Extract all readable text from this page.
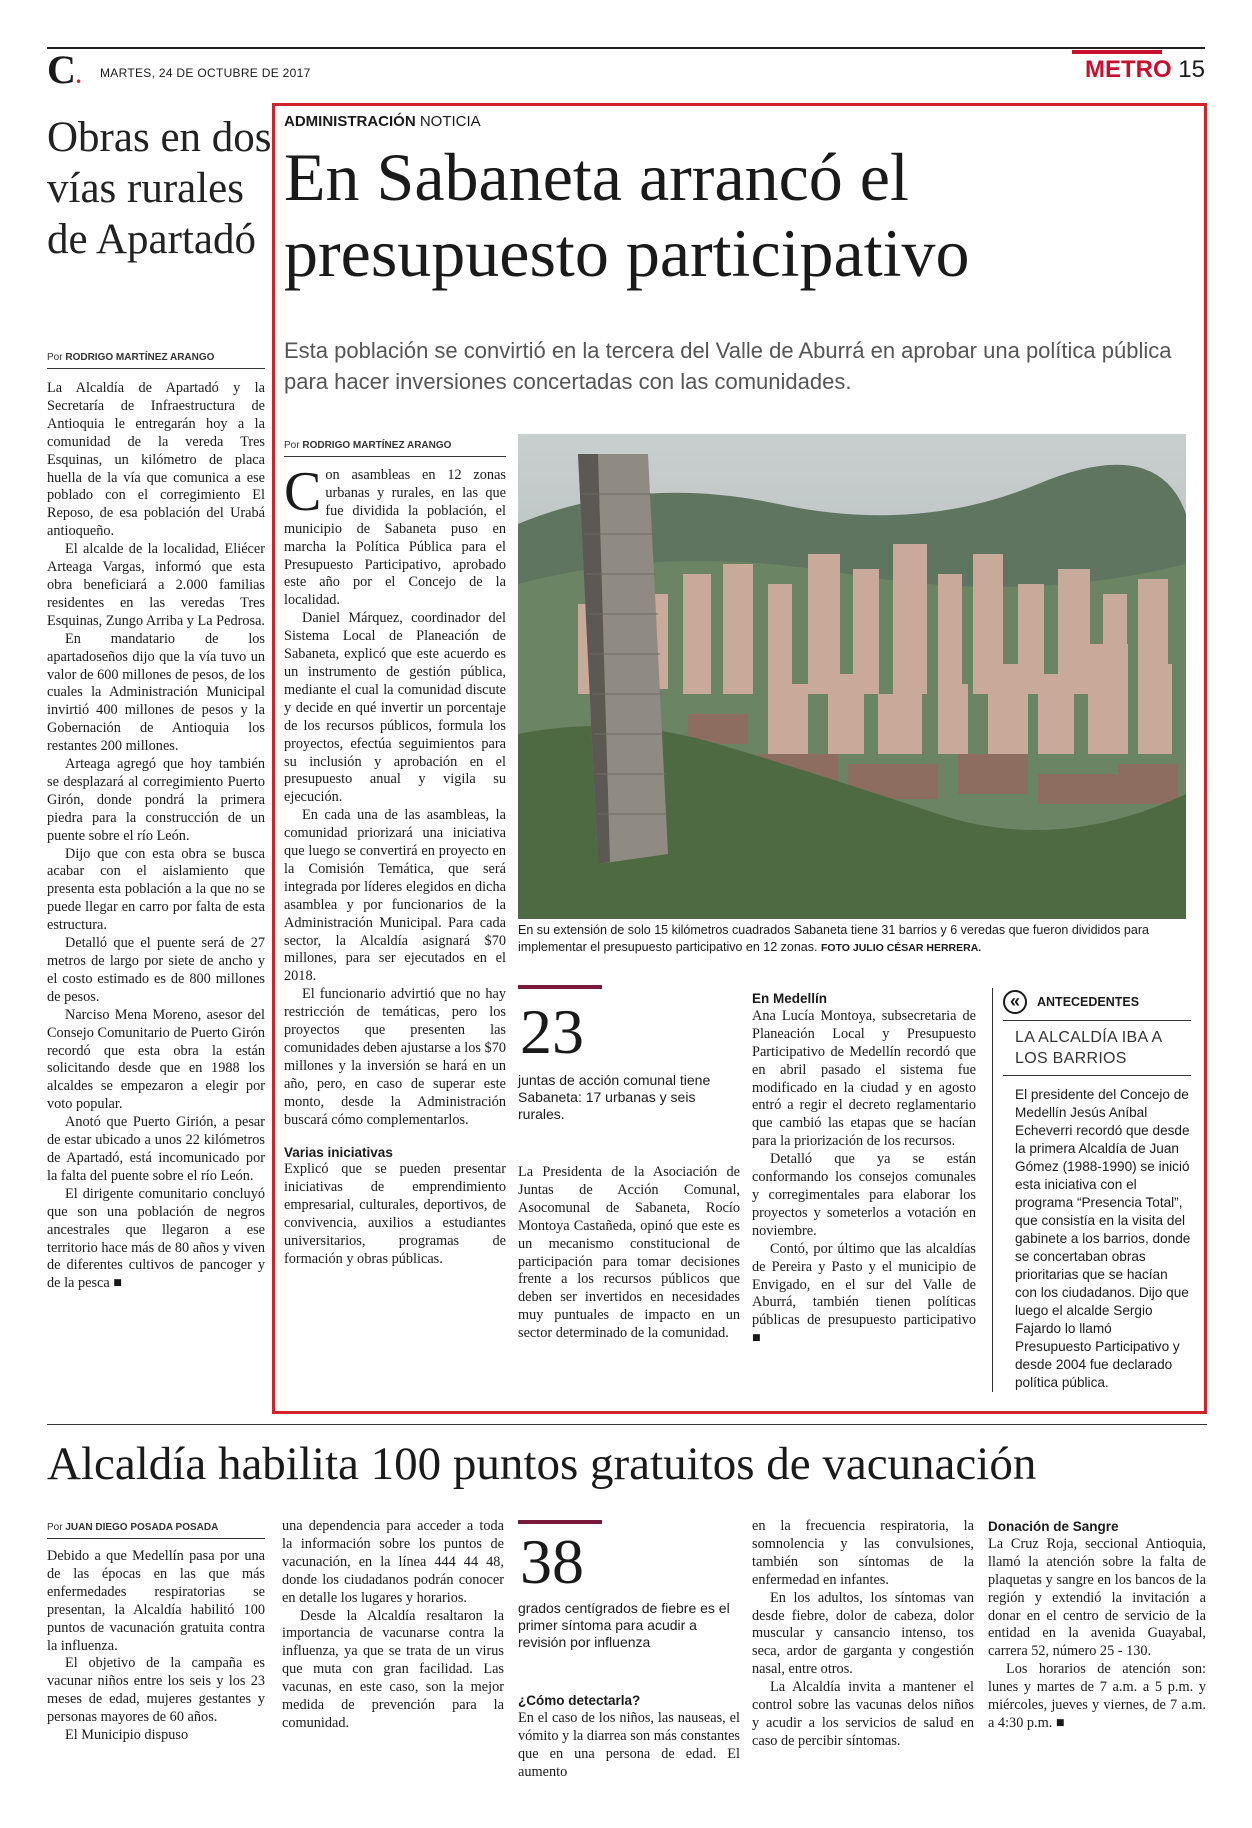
C. MARTES, 24 DE OCTUBRE DE 2017	METRO 15
Obras en dos vías rurales de Apartadó
Por RODRIGO MARTÍNEZ ARANGO

La Alcaldía de Apartadó y la Secretaría de Infraestructura de Antioquia le entregarán hoy a la comunidad de la vereda Tres Esquinas, un kilómetro de placa huella de la vía que comunica a ese poblado con el corregimiento El Reposo, de esa población del Urabá antioqueño.

El alcalde de la localidad, Eliécer Arteaga Vargas, informó que esta obra beneficiará a 2.000 familias residentes en las veredas Tres Esquinas, Zungo Arriba y La Pedrosa.

En mandatario de los apartadoseños dijo que la vía tuvo un valor de 600 millones de pesos, de los cuales la Administración Municipal invirtió 400 millones de pesos y la Gobernación de Antioquia los restantes 200 millones.

Arteaga agregó que hoy también se desplazará al corregimiento Puerto Girón, donde pondrá la primera piedra para la construcción de un puente sobre el río León.

Dijo que con esta obra se busca acabar con el aislamiento que presenta esta población a la que no se puede llegar en carro por falta de esta estructura.

Detalló que el puente será de 27 metros de largo por siete de ancho y el costo estimado es de 800 millones de pesos.

Narciso Mena Moreno, asesor del Consejo Comunitario de Puerto Girón recordó que esta obra la están solicitando desde que en 1988 los alcaldes se empezaron a elegir por voto popular.

Anotó que Puerto Girión, a pesar de estar ubicado a unos 22 kilómetros de Apartadó, está incomunicado por la falta del puente sobre el río León.

El dirigente comunitario concluyó que son una población de negros ancestrales que llegaron a ese territorio hace más de 80 años y viven de diferentes cultivos de pancoger y de la pesca ■

ADMINISTRACIÓN NOTICIA
En Sabaneta arrancó el presupuesto participativo
Esta población se convirtió en la tercera del Valle de Aburrá en aprobar una política pública para hacer inversiones concertadas con las comunidades.
Por RODRIGO MARTÍNEZ ARANGO

Con asambleas en 12 zonas urbanas y rurales, en las que fue dividida la población, el municipio de Sabaneta puso en marcha la Política Pública para el Presupuesto Participativo, aprobado este año por el Concejo de la localidad.

Daniel Márquez, coordinador del Sistema Local de Planeación de Sabaneta, explicó que este acuerdo es un instrumento de gestión pública, mediante el cual la comunidad discute y decide en qué invertir un porcentaje de los recursos públicos, formula los proyectos, efectúa seguimientos para su inclusión y aprobación en el presupuesto anual y vigila su ejecución.

En cada una de las asambleas, la comunidad priorizará una iniciativa que luego se convertirá en proyecto en la Comisión Temática, que será integrada por líderes elegidos en dicha asamblea y por funcionarios de la Administración Municipal. Para cada sector, la Alcaldía asignará $70 millones, para ser ejecutados en el 2018.

El funcionario advirtió que no hay restricción de temáticas, pero los proyectos que presenten las comunidades deben ajustarse a los $70 millones y la inversión se hará en un año, pero, en caso de superar este monto, desde la Administración buscará cómo complementarlos.

Varias iniciativas

Explicó que se pueden presentar iniciativas de emprendimiento empresarial, culturales, deportivos, de convivencia, auxilios a estudiantes universitarios, programas de formación y obras públicas.

En su extensión de solo 15 kilómetros cuadrados Sabaneta tiene 31 barrios y 6 veredas que fueron divididos para implementar el presupuesto participativo en 12 zonas. FOTO JULIO CÉSAR HERRERA.
23
juntas de acción comunal tiene Sabaneta: 17 urbanas y seis rurales.

La Presidenta de la Asociación de Juntas de Acción Comunal, Asocomunal de Sabaneta, Rocío Montoya Castañeda, opinó que este es un mecanismo constitucional de participación para tomar decisiones frente a los recursos públicos que deben ser invertidos en necesidades muy puntuales de impacto en un sector determinado de la comunidad.

En Medellín

Ana Lucía Montoya, subsecretaria de Planeación Local y Presupuesto Participativo de Medellín recordó que en abril pasado el sistema fue modificado en la ciudad y en agosto entró a regir el decreto reglamentario que cambió las etapas que se hacían para la priorización de los recursos.

Detalló que ya se están conformando los consejos comunales y corregimentales para elaborar los proyectos y someterlos a votación en noviembre.

Contó, por último que las alcaldías de Pereira y Pasto y el municipio de Envigado, en el sur del Valle de Aburrá, también tienen políticas públicas de presupuesto participativo ■

«	ANTECEDENTES
LA ALCALDÍA IBA A LOS BARRIOS
El presidente del Concejo de Medellín Jesús Aníbal Echeverri recordó que desde la primera Alcaldía de Juan Gómez (1988-1990) se inició esta iniciativa con el programa “Presencia Total”, que consistía en la visita del gabinete a los barrios, donde se concertaban obras prioritarias que se hacían con los ciudadanos. Dijo que luego el alcalde Sergio Fajardo lo llamó Presupuesto Participativo y desde 2004 fue declarado política pública.
Alcaldía habilita 100 puntos gratuitos de vacunación
Por JUAN DIEGO POSADA POSADA

Debido a que Medellín pasa por una de las épocas en las que más enfermedades respiratorias se presentan, la Alcaldía habilitó 100 puntos de vacunación gratuita contra la influenza.

El objetivo de la campaña es vacunar niños entre los seis y los 23 meses de edad, mujeres gestantes y personas mayores de 60 años.

El Municipio dispuso

una dependencia para acceder a toda la información sobre los puntos de vacunación, en la línea 444 44 48, donde los ciudadanos podrán conocer en detalle los lugares y horarios.

Desde la Alcaldía resaltaron la importancia de vacunarse contra la influenza, ya que se trata de un virus que muta con gran facilidad. Las vacunas, en este caso, son la mejor medida de prevención para la comunidad.

38
grados centígrados de fiebre es el primer síntoma para acudir a revisión por influenza

¿Cómo detectarla?

En el caso de los niños, las nauseas, el vómito y la diarrea son más constantes que en una persona de edad. El aumento

en la frecuencia respiratoria, la somnolencia y las convulsiones, también son síntomas de la enfermedad en infantes.

En los adultos, los síntomas van desde fiebre, dolor de cabeza, dolor muscular y cansancio intenso, tos seca, ardor de garganta y congestión nasal, entre otros.

La Alcaldía invita a mantener el control sobre las vacunas delos niños y acudir a los servicios de salud en caso de percibir síntomas.

Donación de Sangre

La Cruz Roja, seccional Antioquia, llamó la atención sobre la falta de plaquetas y sangre en los bancos de la región y extendió la invitación a donar en el centro de servicio de la entidad en la avenida Guayabal, carrera 52, número 25 - 130.

Los horarios de atención son: lunes y martes de 7 a.m. a 5 p.m. y miércoles, jueves y viernes, de 7 a.m. a 4:30 p.m. ■
